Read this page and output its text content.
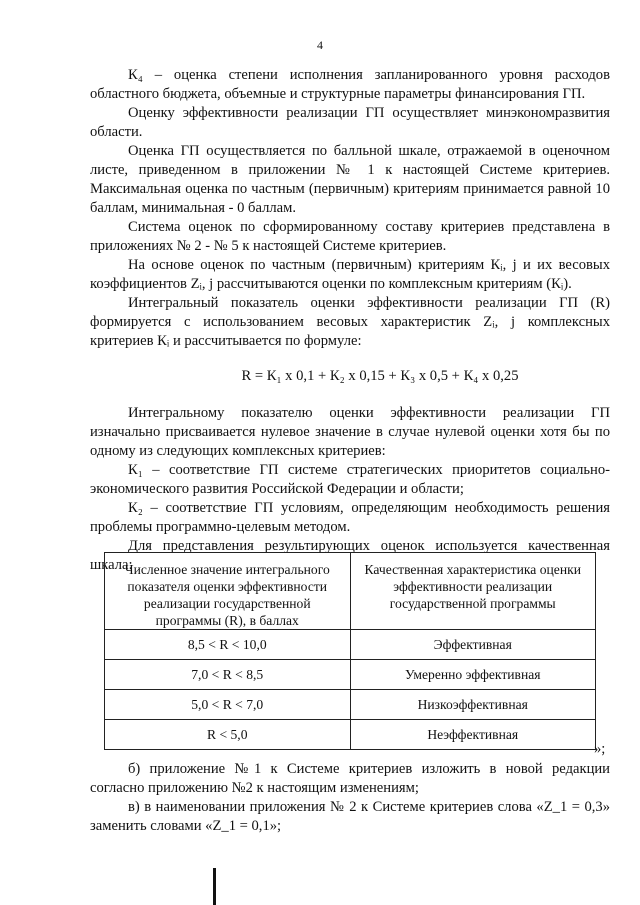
4

К₄ – оценка степени исполнения запланированного уровня расходов областного бюджета, объемные и структурные параметры финансирования ГП.

Оценку эффективности реализации ГП осуществляет минэкономразвития области.

Оценка ГП осуществляется по балльной шкале, отражаемой в оценочном листе, приведенном в приложении № 1 к настоящей Системе критериев. Максимальная оценка по частным (первичным) критериям принимается равной 10 баллам, минимальная - 0 баллам.

Система оценок по сформированному составу критериев представлена в приложениях № 2 - № 5 к настоящей Системе критериев.

На основе оценок по частным (первичным) критериям Кᵢ, j и их весовых коэффициентов Zᵢ, j рассчитываются оценки по комплексным критериям (Кᵢ).

Интегральный показатель оценки эффективности реализации ГП (R) формируется с использованием весовых характеристик Zᵢ, j комплексных критериев Кᵢ и рассчитывается по формуле:

R = К₁ х 0,1 + К₂ х 0,15 + К₃ х 0,5 + К₄ х 0,25

Интегральному показателю оценки эффективности реализации ГП изначально присваивается нулевое значение в случае нулевой оценки хотя бы по одному из следующих комплексных критериев:

К₁ – соответствие ГП системе стратегических приоритетов социально-экономического развития Российской Федерации и области;

К₂ – соответствие ГП условиям, определяющим необходимость решения проблемы программно-целевым методом.

Для представления результирующих оценок используется качественная шкала:

Численное значение интегрального показателя оценки эффективности реализации государственной программы (R), в баллах	Качественная характеристика оценки эффективности реализации государственной программы
8,5 < R < 10,0	Эффективная
7,0 < R < 8,5	Умеренно эффективная
5,0 < R < 7,0	Низкоэффективная
R < 5,0	Неэффективная
»;

б) приложение №1 к Системе критериев изложить в новой редакции согласно приложению №2 к настоящим изменениям;

в) в наименовании приложения № 2 к Системе критериев слова «Z_1 = 0,3» заменить словами «Z_1 = 0,1»;
